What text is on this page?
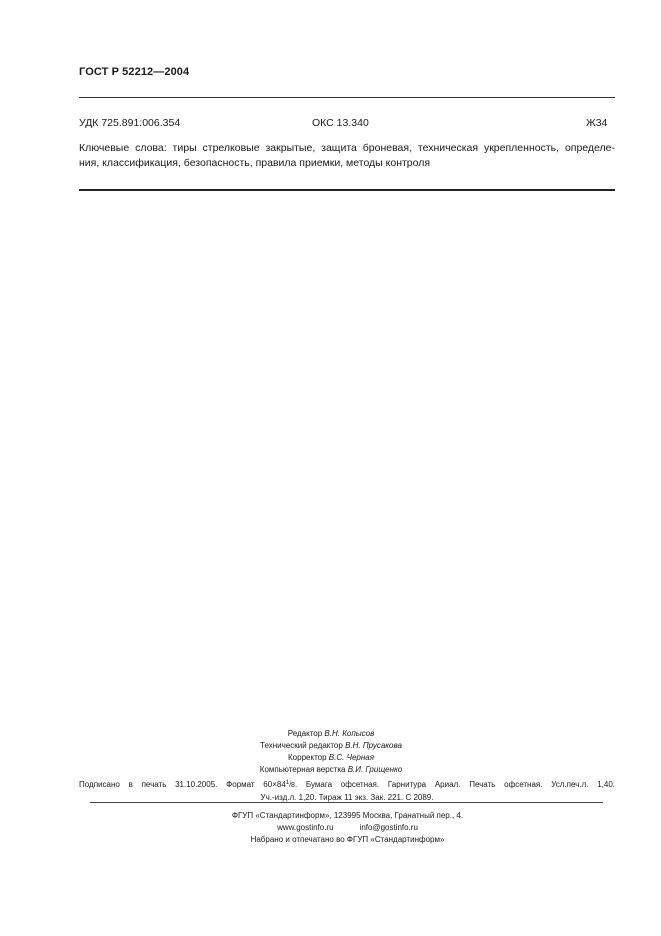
ГОСТ Р 52212—2004
УДК 725.891:006.354	ОКС 13.340	Ж34
Ключевые слова: тиры стрелковые закрытые, защита броневая, техническая укрепленность, определе-
ния, классификация, безопасность, правила приемки, методы контроля
Редактор В.Н. Копысов
Технический редактор В.Н. Прусакова
Корректор В.С. Черная
Компьютерная верстка В.И. Грищенко
Подписано в печать 31.10.2005. Формат $60\times 84^1/8$. Бумага офсетная. Гарнитура Ариал. Печать офсетная. Усл.печ.л. 1,40.
Уч.-изд.л. 1,20. Тираж 11 экз. Зак. 221. С 2089.
ФГУП «Стандартинформ», 123995 Москва, Гранатный пер., 4.
www.gostinfo.ru	info@gostinfo.ru
Набрано и отпечатано во ФГУП «Стандартинформ»
